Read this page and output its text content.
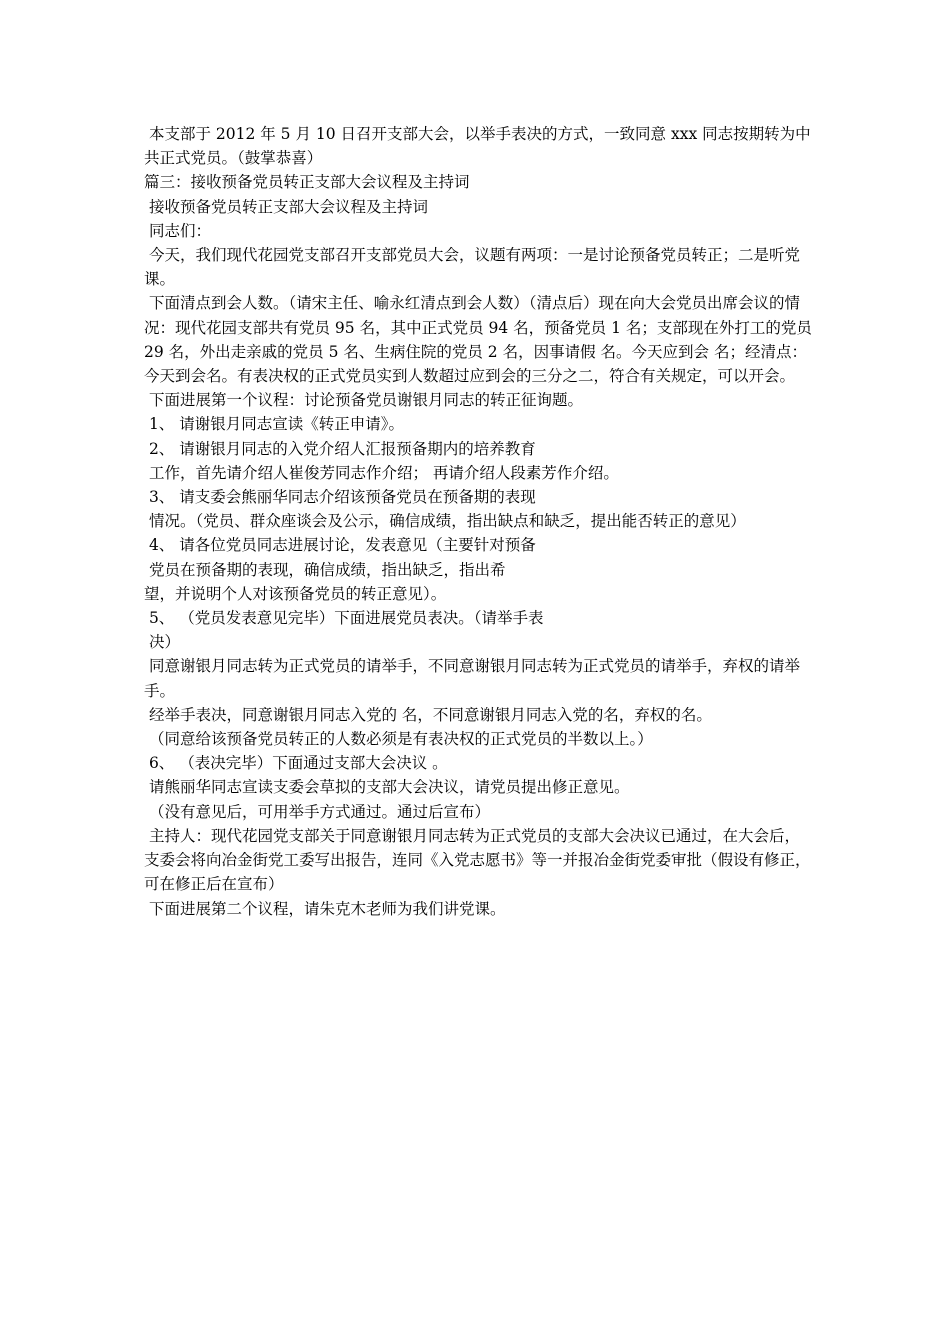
本支部于 2012 年 5 月 10 日召开支部大会，以举手表决的方式，一致同意 xxx 同志按期转为中共正式党员。（鼓掌恭喜）

篇三：接收预备党员转正支部大会议程及主持词

接收预备党员转正支部大会议程及主持词

同志们：

今天，我们现代花园党支部召开支部党员大会，议题有两项：一是讨论预备党员转正；二是听党课。

下面清点到会人数。（请宋主任、喻永红清点到会人数）（清点后）现在向大会党员出席会议的情况：现代花园支部共有党员 95 名，其中正式党员 94 名，预备党员 1 名；支部现在外打工的党员 29 名，外出走亲戚的党员 5 名、生病住院的党员 2 名，因事请假 名。今天应到会 名；经清点：今天到会名。有表决权的正式党员实到人数超过应到会的三分之二，符合有关规定，可以开会。

下面进展第一个议程：讨论预备党员谢银月同志的转正征询题。

1、 请谢银月同志宣读《转正申请》。

2、 请谢银月同志的入党介绍人汇报预备期内的培养教育

工作，首先请介绍人崔俊芳同志作介绍； 再请介绍人段素芳作介绍。

3、 请支委会熊丽华同志介绍该预备党员在预备期的表现

情况。（党员、群众座谈会及公示，确信成绩，指出缺点和缺乏，提出能否转正的意见）

4、 请各位党员同志进展讨论，发表意见（主要针对预备

党员在预备期的表现，确信成绩，指出缺乏，指出希

望，并说明个人对该预备党员的转正意见）。

5、 （党员发表意见完毕）下面进展党员表决。（请举手表

决）

同意谢银月同志转为正式党员的请举手，不同意谢银月同志转为正式党员的请举手，弃权的请举手。

经举手表决，同意谢银月同志入党的 名，不同意谢银月同志入党的名，弃权的名。

（同意给该预备党员转正的人数必须是有表决权的正式党员的半数以上。）

6、 （表决完毕）下面通过支部大会决议 。

请熊丽华同志宣读支委会草拟的支部大会决议，请党员提出修正意见。

（没有意见后，可用举手方式通过。通过后宣布）

主持人：现代花园党支部关于同意谢银月同志转为正式党员的支部大会决议已通过，在大会后，支委会将向冶金街党工委写出报告，连同《入党志愿书》等一并报冶金街党委审批（假设有修正，可在修正后在宣布）

下面进展第二个议程，请朱克木老师为我们讲党课。
